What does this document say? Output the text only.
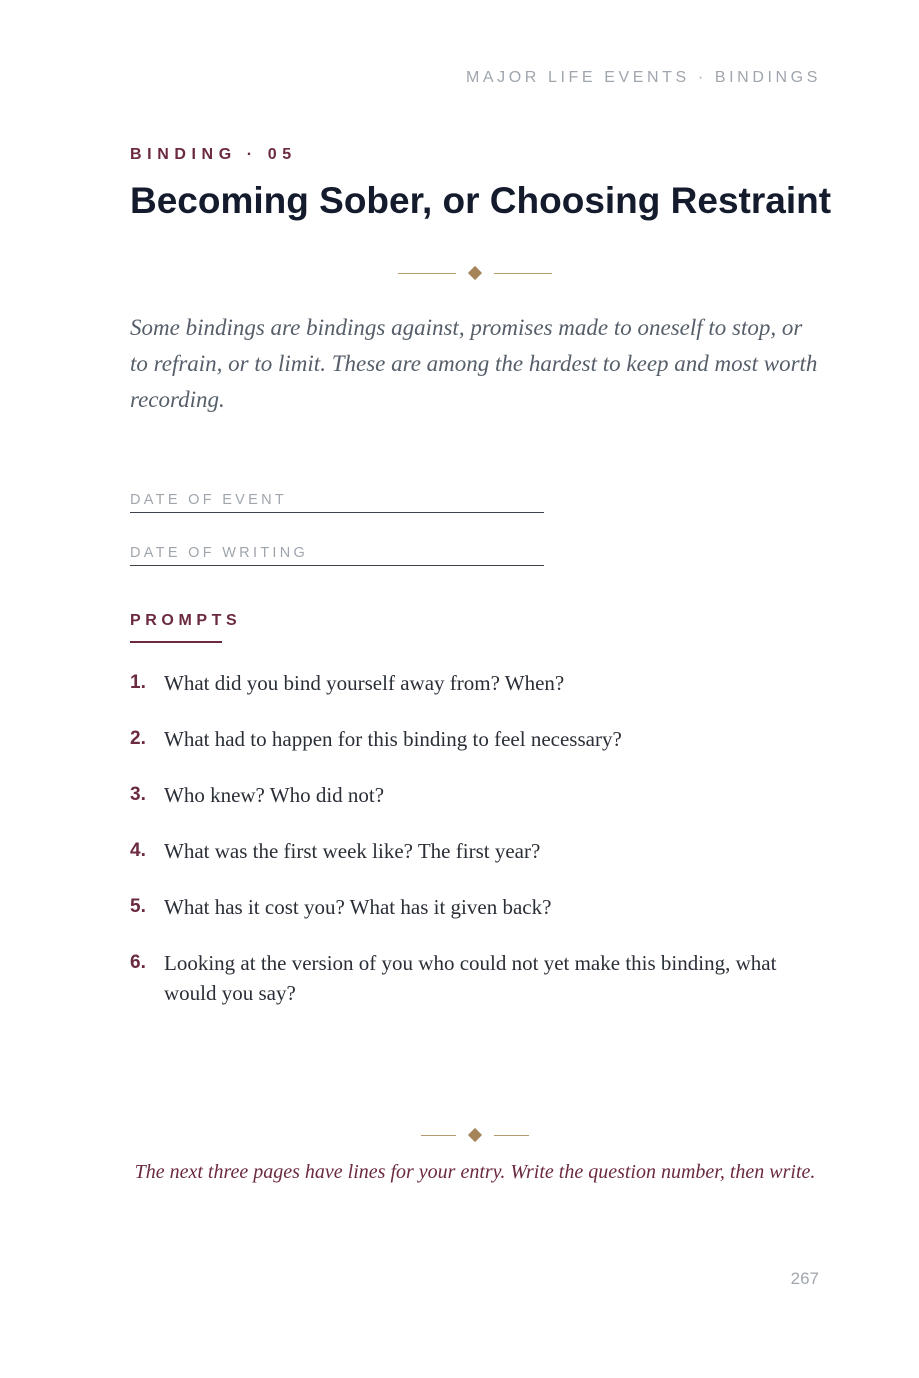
MAJOR LIFE EVENTS · BINDINGS
BINDING · 05
Becoming Sober, or Choosing Restraint

Some bindings are bindings against, promises made to oneself to stop, or to refrain, or to limit. These are among the hardest to keep and most worth recording.

DATE OF EVENT
DATE OF WRITING
PROMPTS
1. What did you bind yourself away from? When?
2. What had to happen for this binding to feel necessary?
3. Who knew? Who did not?
4. What was the first week like? The first year?
5. What has it cost you? What has it given back?
6. Looking at the version of you who could not yet make this binding, what would you say?

The next three pages have lines for your entry. Write the question number, then write.

267
